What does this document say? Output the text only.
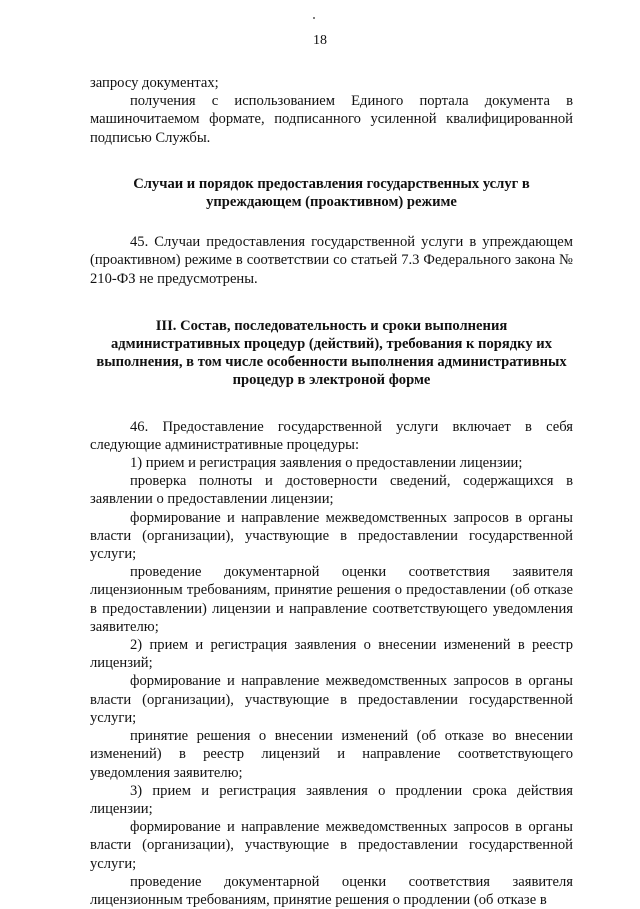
18

запросу документах;

получения с использованием Единого портала документа в машиночитаемом формате, подписанного усиленной квалифицированной подписью Службы.

Случаи и порядок предоставления государственных услуг в упреждающем (проактивном) режиме

45. Случаи предоставления государственной услуги в упреждающем (проактивном) режиме в соответствии со статьей 7.3 Федерального закона № 210-ФЗ не предусмотрены.

III. Состав, последовательность и сроки выполнения административных процедур (действий), требования к порядку их выполнения, в том числе особенности выполнения административных процедур в электроной форме

46. Предоставление государственной услуги включает в себя следующие административные процедуры:

1) прием и регистрация заявления о предоставлении лицензии;

проверка полноты и достоверности сведений, содержащихся в заявлении о предоставлении лицензии;

формирование и направление межведомственных запросов в органы власти (организации), участвующие в предоставлении государственной услуги;

проведение документарной оценки соответствия заявителя лицензионным требованиям, принятие решения о предоставлении (об отказе в предоставлении) лицензии и направление соответствующего уведомления заявителю;

2) прием и регистрация заявления о внесении изменений в реестр лицензий;

формирование и направление межведомственных запросов в органы власти (организации), участвующие в предоставлении государственной услуги;

принятие решения о внесении изменений (об отказе во внесении изменений) в реестр лицензий и направление соответствующего уведомления заявителю;

3) прием и регистрация заявления о продлении срока действия лицензии;

формирование и направление межведомственных запросов в органы власти (организации), участвующие в предоставлении государственной услуги;

проведение документарной оценки соответствия заявителя лицензионным требованиям, принятие решения о продлении (об отказе в
